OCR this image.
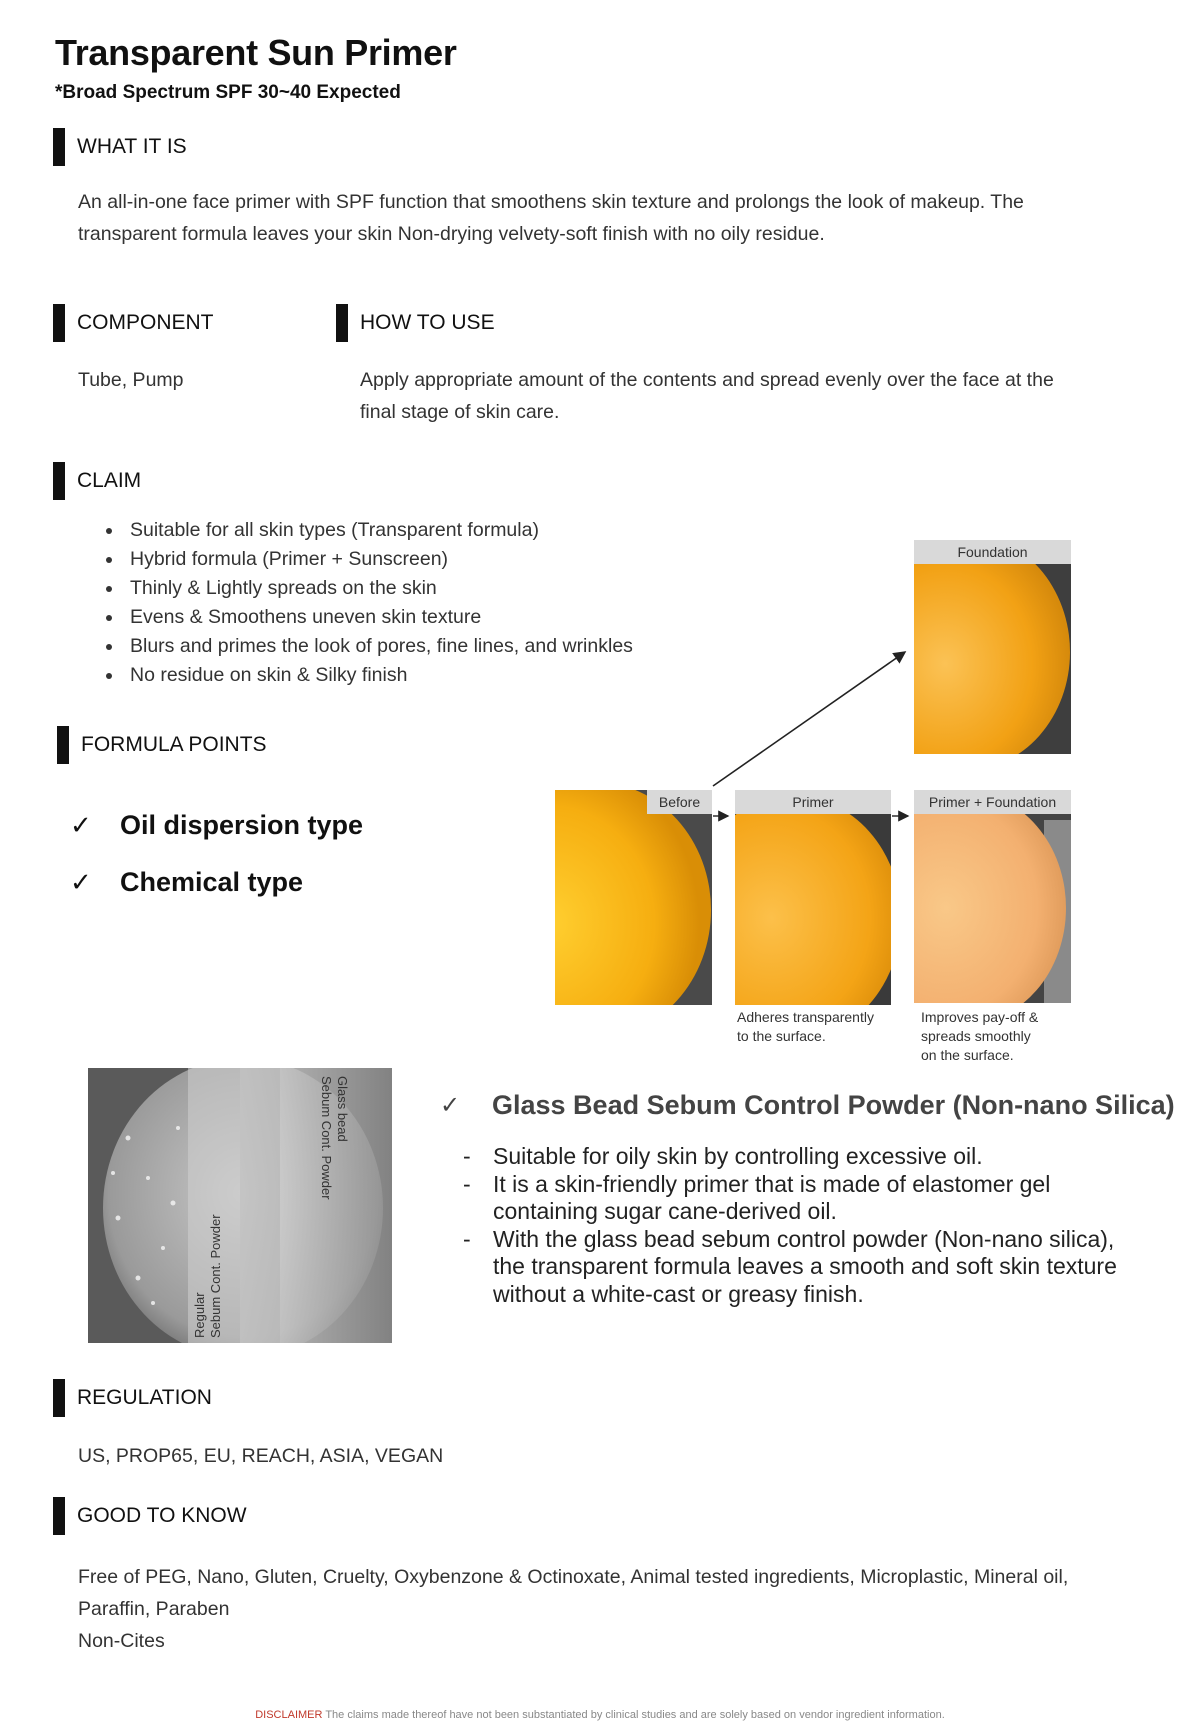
Transparent Sun Primer
*Broad Spectrum SPF 30~40 Expected
WHAT IT IS
An all-in-one face primer with SPF function that smoothens skin texture and prolongs the look of makeup. The
transparent formula leaves your skin Non-drying velvety-soft finish with no oily residue.
COMPONENT
Tube, Pump
HOW TO USE
Apply appropriate amount of the contents and spread evenly over the face at the
final stage of skin care.
CLAIM
• Suitable for all skin types (Transparent formula)
• Hybrid formula (Primer + Sunscreen)
• Thinly & Lightly spreads on the skin
• Evens & Smoothens uneven skin texture
• Blurs and primes the look of pores, fine lines, and wrinkles
• No residue on skin & Silky finish
FORMULA POINTS
✓	Oil dispersion type
✓	Chemical type
Foundation
Before	Primer	Primer + Foundation
Adheres transparently
to the surface.
Improves pay-off &
spreads smoothly
on the surface.
Glass bead
Sebum Cont. Powder
Regular Sebum Cont. Powder
✓	Glass Bead Sebum Control Powder (Non-nano Silica)
- Suitable for oily skin by controlling excessive oil.
- It is a skin-friendly primer that is made of elastomer gel
containing sugar cane-derived oil.
- With the glass bead sebum control powder (Non-nano silica),
the transparent formula leaves a smooth and soft skin texture
without a white-cast or greasy finish.
REGULATION
US, PROP65, EU, REACH, ASIA, VEGAN
GOOD TO KNOW
Free of PEG, Nano, Gluten, Cruelty, Oxybenzone & Octinoxate, Animal tested ingredients, Microplastic, Mineral oil,
Paraffin, Paraben
Non-Cites
DISCLAIMER The claims made thereof have not been substantiated by clinical studies and are solely based on vendor ingredient information.
